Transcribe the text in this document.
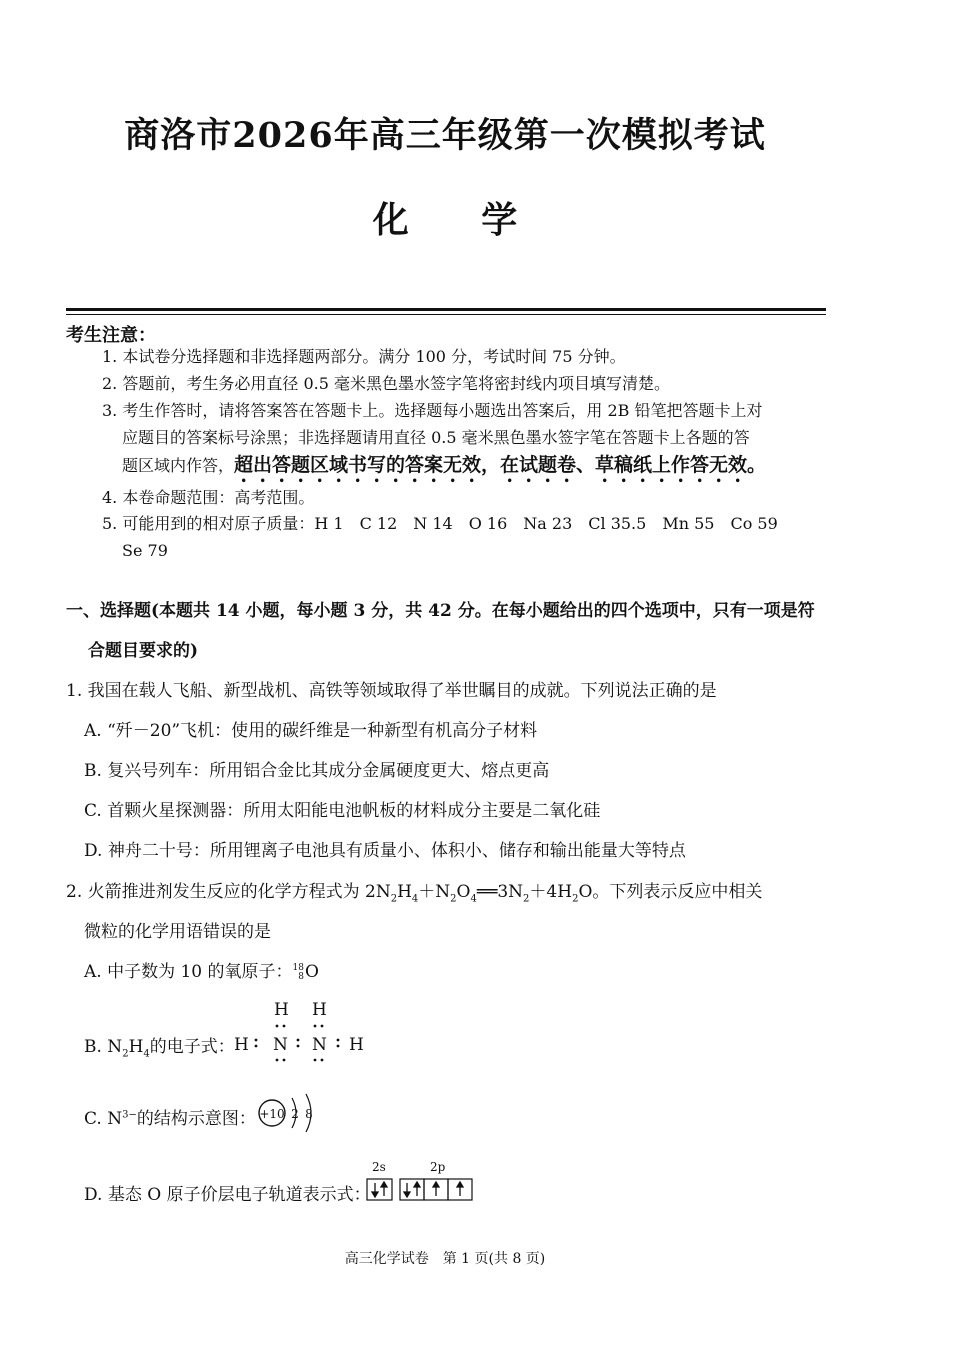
商洛市2026年高三年级第一次模拟考试
化 学
考生注意：
1. 本试卷分选择题和非选择题两部分。满分 100 分，考试时间 75 分钟。
2. 答题前，考生务必用直径 0.5 毫米黑色墨水签字笔将密封线内项目填写清楚。
3. 考生作答时，请将答案答在答题卡上。选择题每小题选出答案后，用 2B 铅笔把答题卡上对
应题目的答案标号涂黑；非选择题请用直径 0.5 毫米黑色墨水签字笔在答题卡上各题的答
题区域内作答，超出答题区域书写的答案无效，在试题卷、草稿纸上作答无效。
4. 本卷命题范围：高考范围。
5. 可能用到的相对原子质量：H 1　C 12　N 14　O 16　Na 23　Cl 35.5　Mn 55　Co 59
Se 79
一、选择题(本题共 14 小题，每小题 3 分，共 42 分。在每小题给出的四个选项中，只有一项是符
合题目要求的)
1. 我国在载人飞船、新型战机、高铁等领域取得了举世瞩目的成就。下列说法正确的是
A. “歼－20”飞机：使用的碳纤维是一种新型有机高分子材料
B. 复兴号列车：所用铝合金比其成分金属硬度更大、熔点更高
C. 首颗火星探测器：所用太阳能电池帆板的材料成分主要是二氧化硅
D. 神舟二十号：所用锂离子电池具有质量小、体积小、储存和输出能量大等特点
2. 火箭推进剂发生反应的化学方程式为 $2N_2H_4+N_2O_4══3N_2+4H_2O$。下列表示反应中相关
微粒的化学用语错误的是
A. 中子数为 10 的氧原子：18
8O
B. $N_2H_4$的电子式：
H H
H N N H
C. $N^{3-}$的结构示意图： +10 2 8
D. 基态 O 原子价层电子轨道表示式：
2s	2p
高三化学试卷　第 1 页(共 8 页)
